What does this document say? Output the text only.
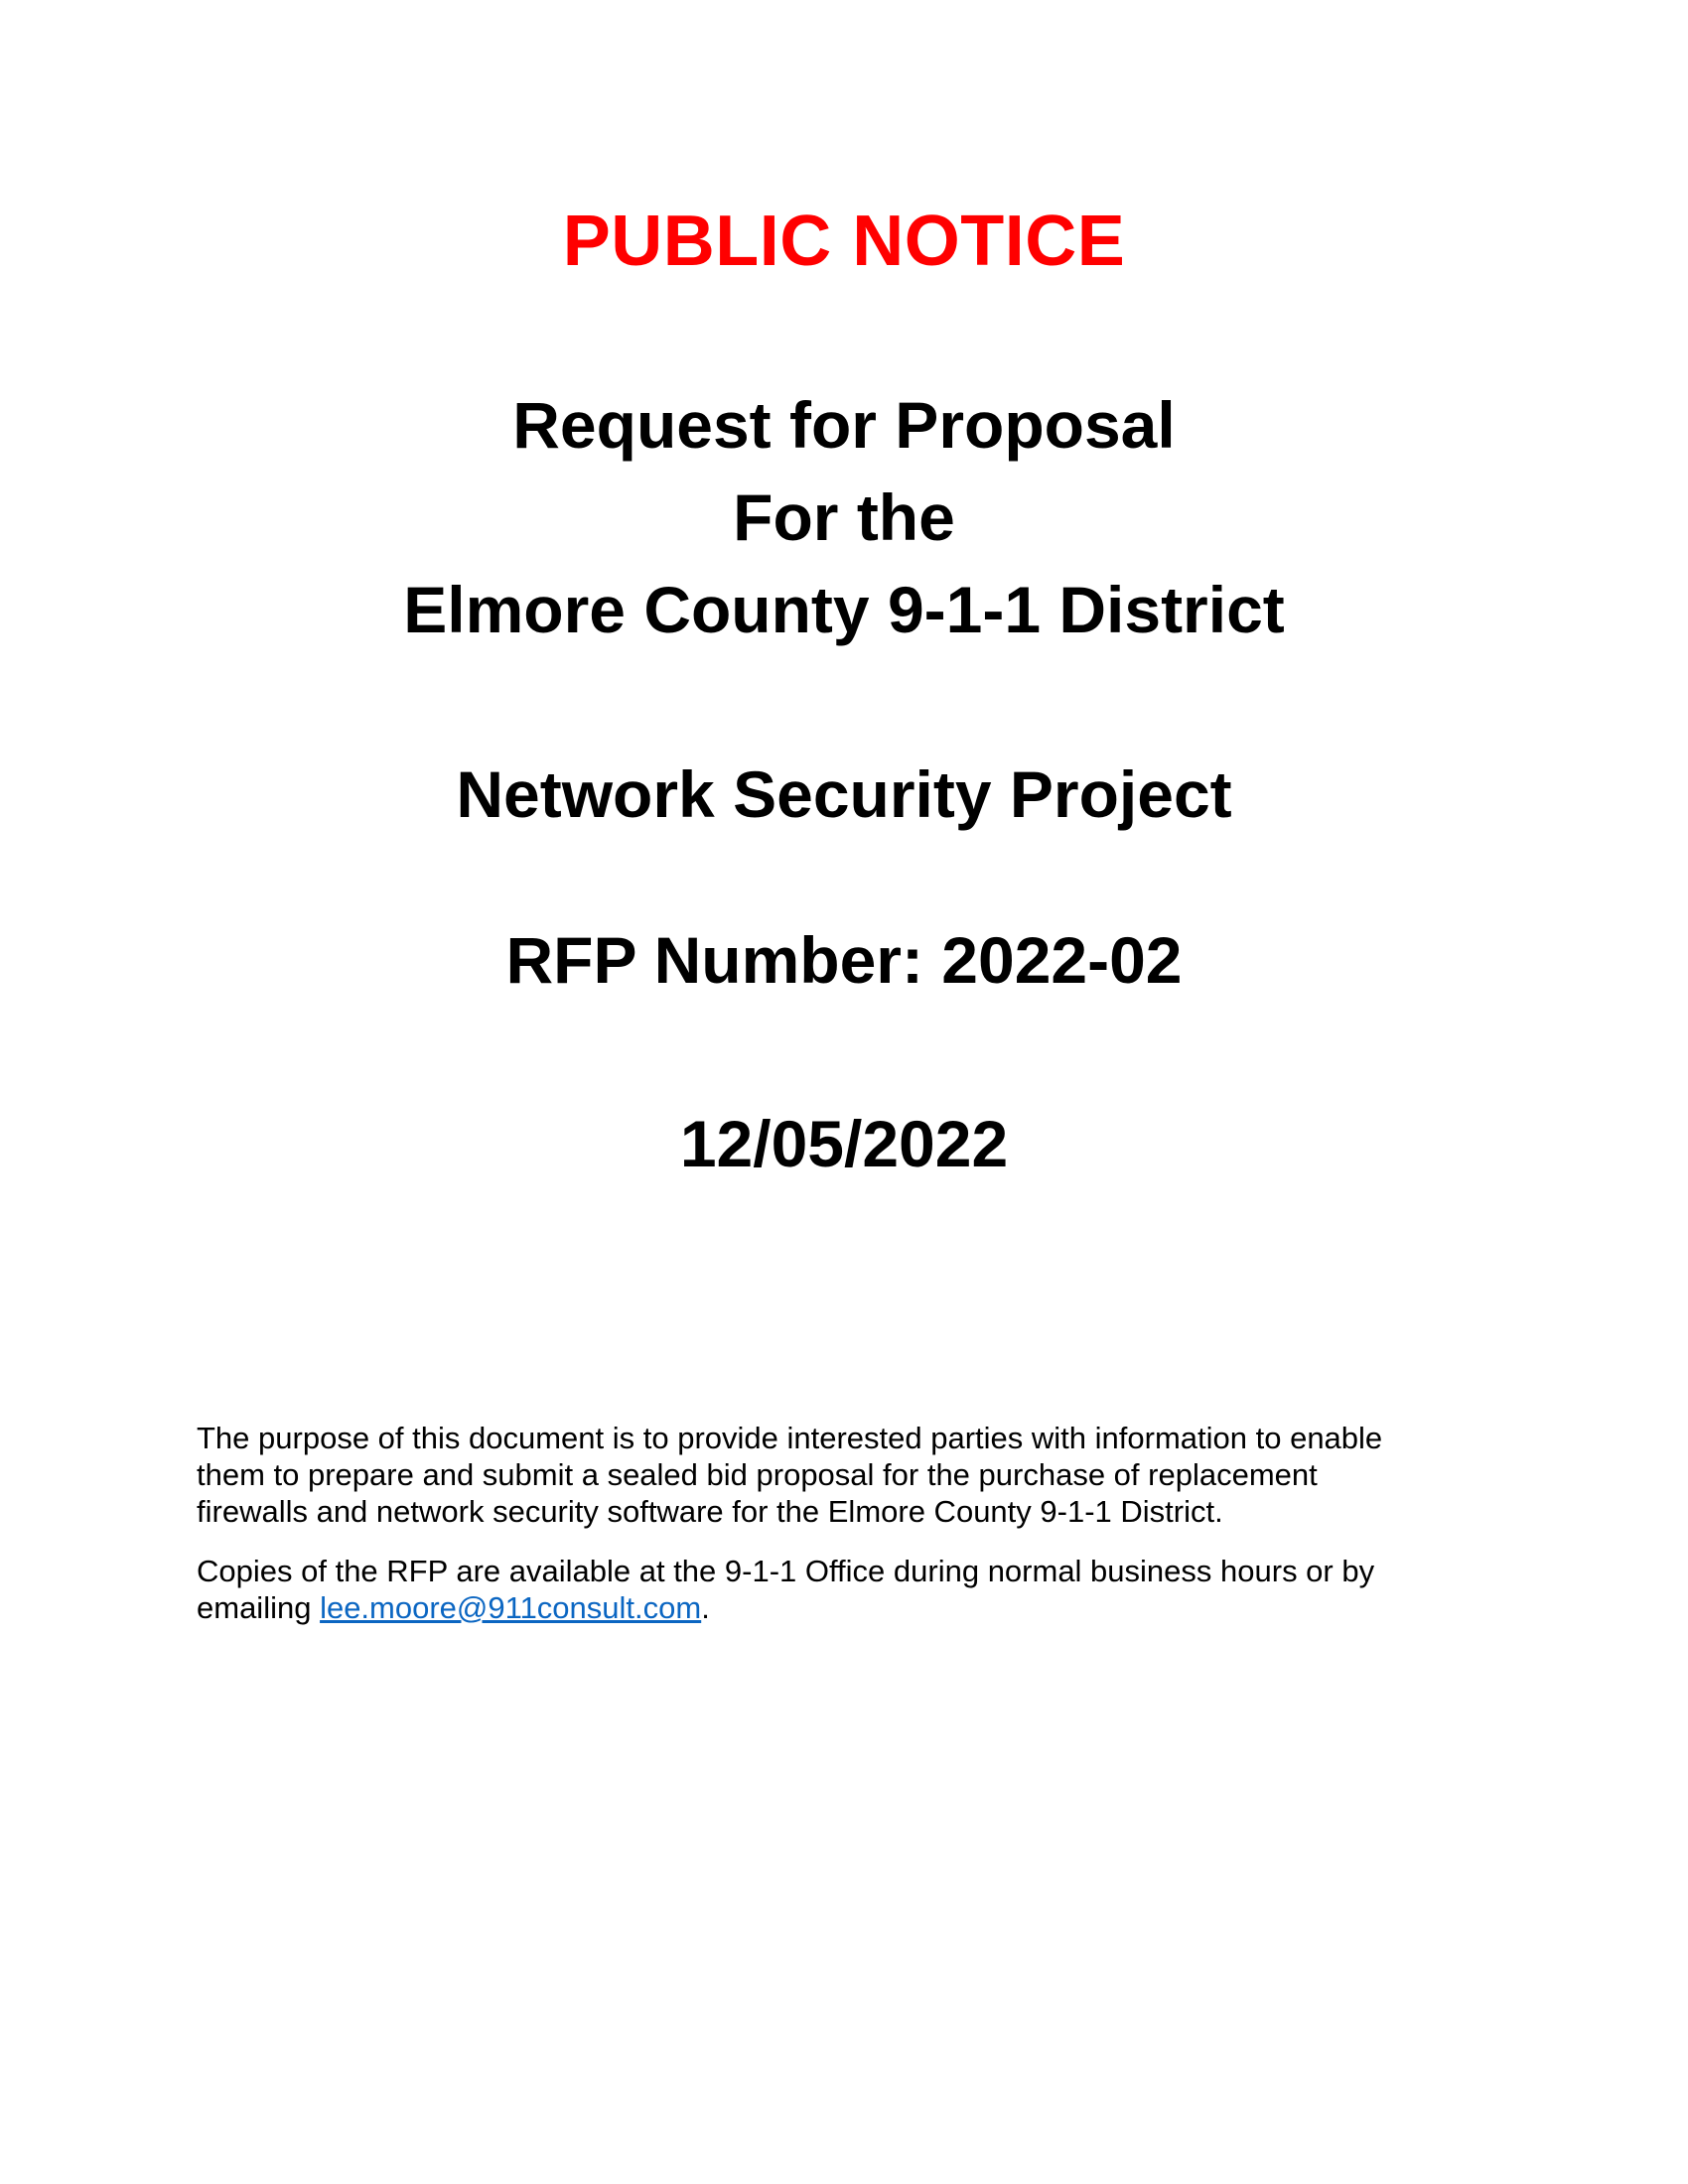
PUBLIC NOTICE
Request for Proposal
For the
Elmore County 9-1-1 District
Network Security Project
RFP Number: 2022-02
12/05/2022
The purpose of this document is to provide interested parties with information to enable
them to prepare and submit a sealed bid proposal for the purchase of replacement
firewalls and network security software for the Elmore County 9-1-1 District.
Copies of the RFP are available at the 9-1-1 Office during normal business hours or by
emailing lee.moore@911consult.com.
